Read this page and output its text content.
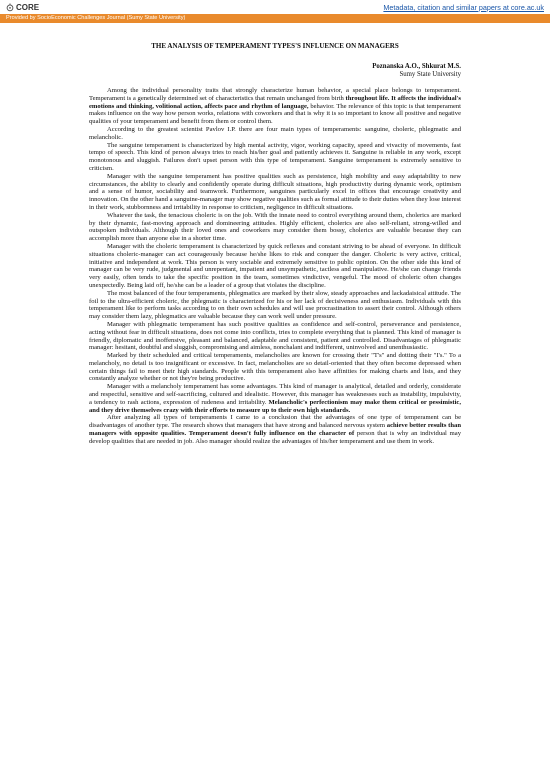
CORE	Metadata, citation and similar papers at core.ac.uk
Provided by SocioEconomic Challenges Journal (Sumy State University)
THE ANALYSIS OF TEMPERAMENT TYPES'S INFLUENCE ON MANAGERS
Poznanska A.O., Shkurat M.S.
Sumy State University

Among the individual personality traits that strongly characterize human behavior, a special place belongs to temperament. Temperament is a genetically determined set of characteristics that remain unchanged from birth throughout life. It affects the individual's emotions and thinking, volitional action, affects pace and rhythm of language, behavior. The relevance of this topic is that temperament makes influence on the way how person works, relations with coworkers and that is why it is so important to know all positive and negative qualities of your temperament and benefit from them or control them.

According to the greatest scientist Pavlov I.P. there are four main types of temperaments: sanguine, choleric, phlegmatic and melancholic.

The sanguine temperament is characterized by high mental activity, vigor, working capacity, speed and vivacity of movements, fast tempo of speech. This kind of person always tries to reach his/her goal and patiently achieves it. Sanguine is reliable in any work, except monotonous and sluggish. Failures don't upset person with this type of temperament. Sanguine temperament is extremely sensitive to criticism.

Manager with the sanguine temperament has positive qualities such as persistence, high mobility and easy adaptability to new circumstances, the ability to clearly and confidently operate during difficult situations, high productivity during dynamic work, optimism and a sense of humor, sociability and teamwork. Furthermore, sanguines particularly excel in offices that encourage creativity and innovation. On the other hand a sanguine-manager may show negative qualities such as formal attitude to their duties when they lose interest in their work, stubbornness and irritability in response to criticism, negligence in difficult situations.

Whatever the task, the tenacious choleric is on the job. With the innate need to control everything around them, cholerics are marked by their dynamic, fast-moving approach and domineering attitudes. Highly efficient, cholerics are also self-reliant, strong-willed and outspoken individuals. Although their loved ones and coworkers may consider them bossy, cholerics are valuable because they can accomplish more than anyone else in a shorter time.

Manager with the choleric temperament is characterized by quick reflexes and constant striving to be ahead of everyone. In difficult situations choleric-manager can act courageously because he/she likes to risk and conquer the danger. Choleric is very active, critical, initiative and independent at work. This person is very sociable and extremely sensitive to public opinion. On the other side this kind of manager can be very rude, judgmental and unrepentant, impatient and unsympathetic, tactless and manipulative. He/she can change friends very easily, often tends to take the specific position in the team, sometimes vindictive, vengeful. The mood of choleric often changes unexpectedly. Being laid off, he/she can be a leader of a group that violates the discipline.

The most balanced of the four temperaments, phlegmatics are marked by their slow, steady approaches and lackadaisical attitude. The foil to the ultra-efficient choleric, the phlegmatic is characterized for his or her lack of decisiveness and enthusiasm. Individuals with this temperament like to perform tasks according to on their own schedules and will use procrastination to assert their control. Although others may consider them lazy, phlegmatics are valuable because they can work well under pressure.

Manager with phlegmatic temperament has such positive qualities as confidence and self-control, perseverance and persistence, acting without fear in difficult situations, does not come into conflicts, tries to complete everything that is planned. This kind of manager is friendly, diplomatic and inoffensive, pleasant and balanced, adaptable and consistent, patient and controlled. Disadvantages of phlegmatic manager: hesitant, doubtful and sluggish, compromising and aimless, nonchalant and indifferent, uninvolved and unenthusiastic.

Marked by their scheduled and critical temperaments, melancholies are known for crossing their "T's" and dotting their "I's." To a melancholy, no detail is too insignificant or excessive. In fact, melancholies are so detail-oriented that they often become depressed when certain things fail to meet their high standards. People with this temperament also have affinities for making charts and lists, and they constantly analyze whether or not they're being productive.

Manager with a melancholy temperament has some advantages. This kind of manager is analytical, detailed and orderly, considerate and respectful, sensitive and self-sacrificing, cultured and idealistic. However, this manager has weaknesses such as instability, impulsivity, a tendency to rash actions, expression of rudeness and irritability. Melancholic's perfectionism may make them critical or pessimistic, and they drive themselves crazy with their efforts to measure up to their own high standards.

After analyzing all types of temperaments I came to a conclusion that the advantages of one type of temperament can be disadvantages of another type. The research shows that managers that have strong and balanced nervous system achieve better results than managers with opposite qualities. Temperament doesn't fully influence on the character of person that is why an individual may develop qualities that are needed in job. Also manager should realize the advantages of his/her temperament and use them in work.
